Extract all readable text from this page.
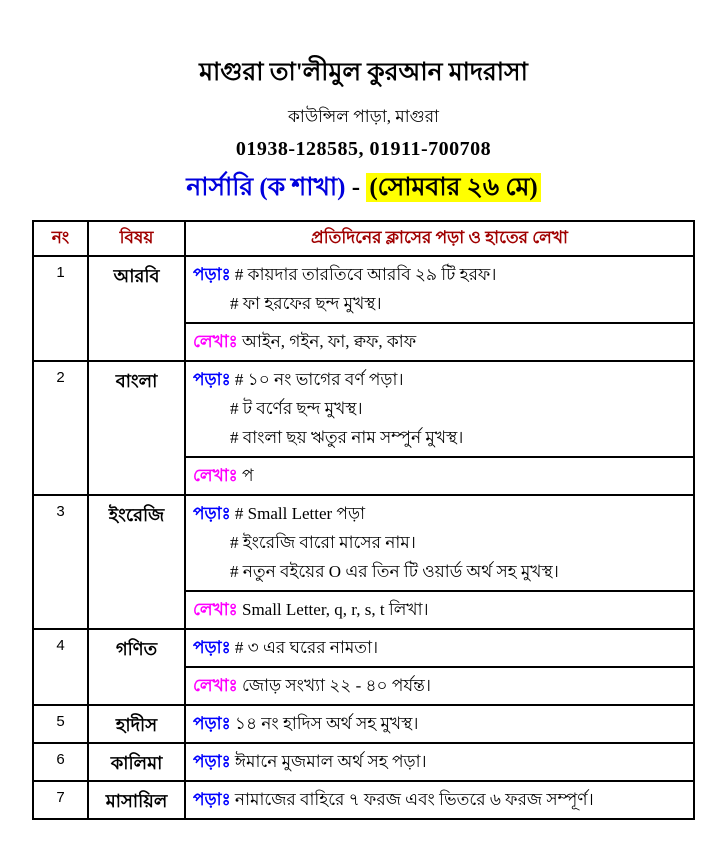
মাগুরা তা'লীমুল কুরআন মাদরাসা
কাউন্সিল পাড়া, মাগুরা
01938-128585, 01911-700708
নার্সারি (ক শাখা) - (সোমবার ২৬ মে)
নং	বিষয়	প্রতিদিনের ক্লাসের পড়া ও হাতের লেখা
1	আরবি	পড়াঃ # কায়দার তারতিবে আরবি ২৯ টি হরফ।
# ফা হরফের ছন্দ মুখস্থ।

		লেখাঃ আইন, গইন, ফা, ক্বফ, কাফ
2	বাংলা	পড়াঃ # ১০ নং ভাগের বর্ণ পড়া।
# ট বর্ণের ছন্দ মুখস্থ।
# বাংলা ছয় ঋতুর নাম সম্পুর্ন মুখস্থ।

		লেখাঃ প
3	ইংরেজি	পড়াঃ # Small Letter পড়া
# ইংরেজি বারো মাসের নাম।
# নতুন বইয়ের O এর তিন টি ওয়ার্ড অর্থ সহ মুখস্থ।

		লেখাঃ Small Letter, q, r, s, t লিখা।
4	গণিত	পড়াঃ # ৩ এর ঘরের নামতা।

		লেখাঃ জোড় সংখ্যা ২২ - ৪০ পর্যন্ত।
5	হাদীস	পড়াঃ ১৪ নং হাদিস অর্থ সহ মুখস্থ।

6	কালিমা	পড়াঃ ঈমানে মুজমাল অর্থ সহ পড়া।

7	মাসায়িল	পড়াঃ নামাজের বাহিরে ৭ ফরজ এবং ভিতরে ৬ ফরজ সম্পূর্ণ।
